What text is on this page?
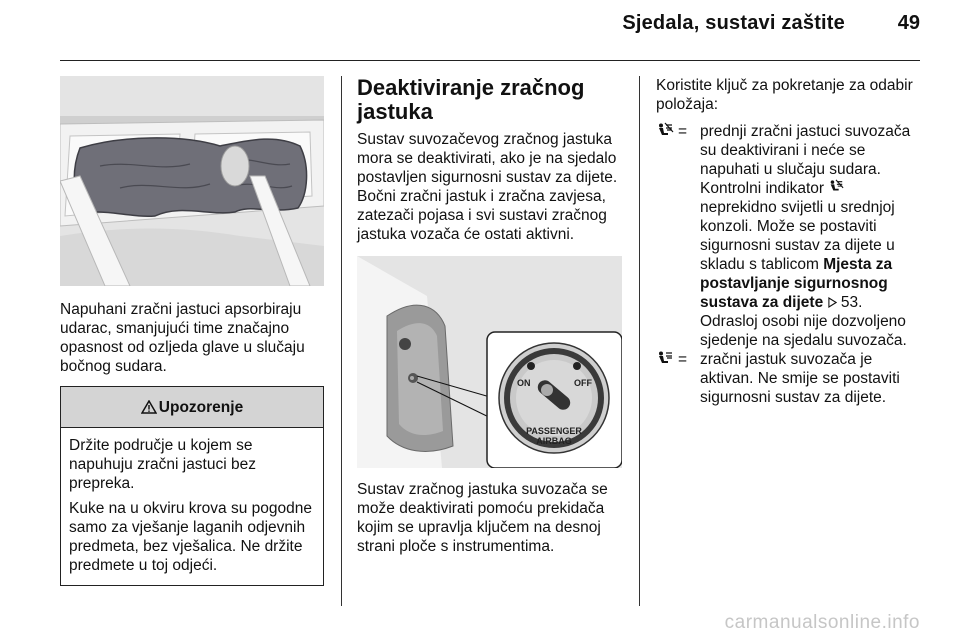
Sjedala, sustavi zaštite	49

Napuhani zračni jastuci apsorbiraju udarac, smanjujući time značajno opasnost od ozljeda glave u slučaju bočnog sudara.

Upozorenje

Držite područje u kojem se napuhuju zračni jastuci bez prepreka.

Kuke na u okviru krova su pogodne samo za vješanje laganih odjevnih predmeta, bez vješalica. Ne držite predmete u toj odjeći.

Deaktiviranje zračnog jastuka

Sustav suvozačevog zračnog jastuka mora se deaktivirati, ako je na sjedalo postavljen sigurnosni sustav za dijete. Bočni zračni jastuk i zračna zavjesa, zatezači pojasa i svi sustavi zračnog jastuka vozača će ostati aktivni.

ON	OFF
PASSENGER
AIRBAG

Sustav zračnog jastuka suvozača se može deaktivirati pomoću prekidača kojim se upravlja ključem na desnoj strani ploče s instrumentima.

Koristite ključ za pokretanje za odabir položaja:

= prednji zračni jastuci suvozača su deaktivirani i neće se napuhati u slučaju sudara. Kontrolni indikator  neprekidno svijetli u srednjoj konzoli. Može se postaviti sigurnosni sustav za dijete u skladu s tablicom Mjesta za postavljanje sigurnosnog sustava za dijete 53.
Odrasloj osobi nije dozvoljeno sjedenje na sjedalu suvozača.
= zračni jastuk suvozača je aktivan. Ne smije se postaviti sigurnosni sustav za dijete.
carmanualsonline.info
